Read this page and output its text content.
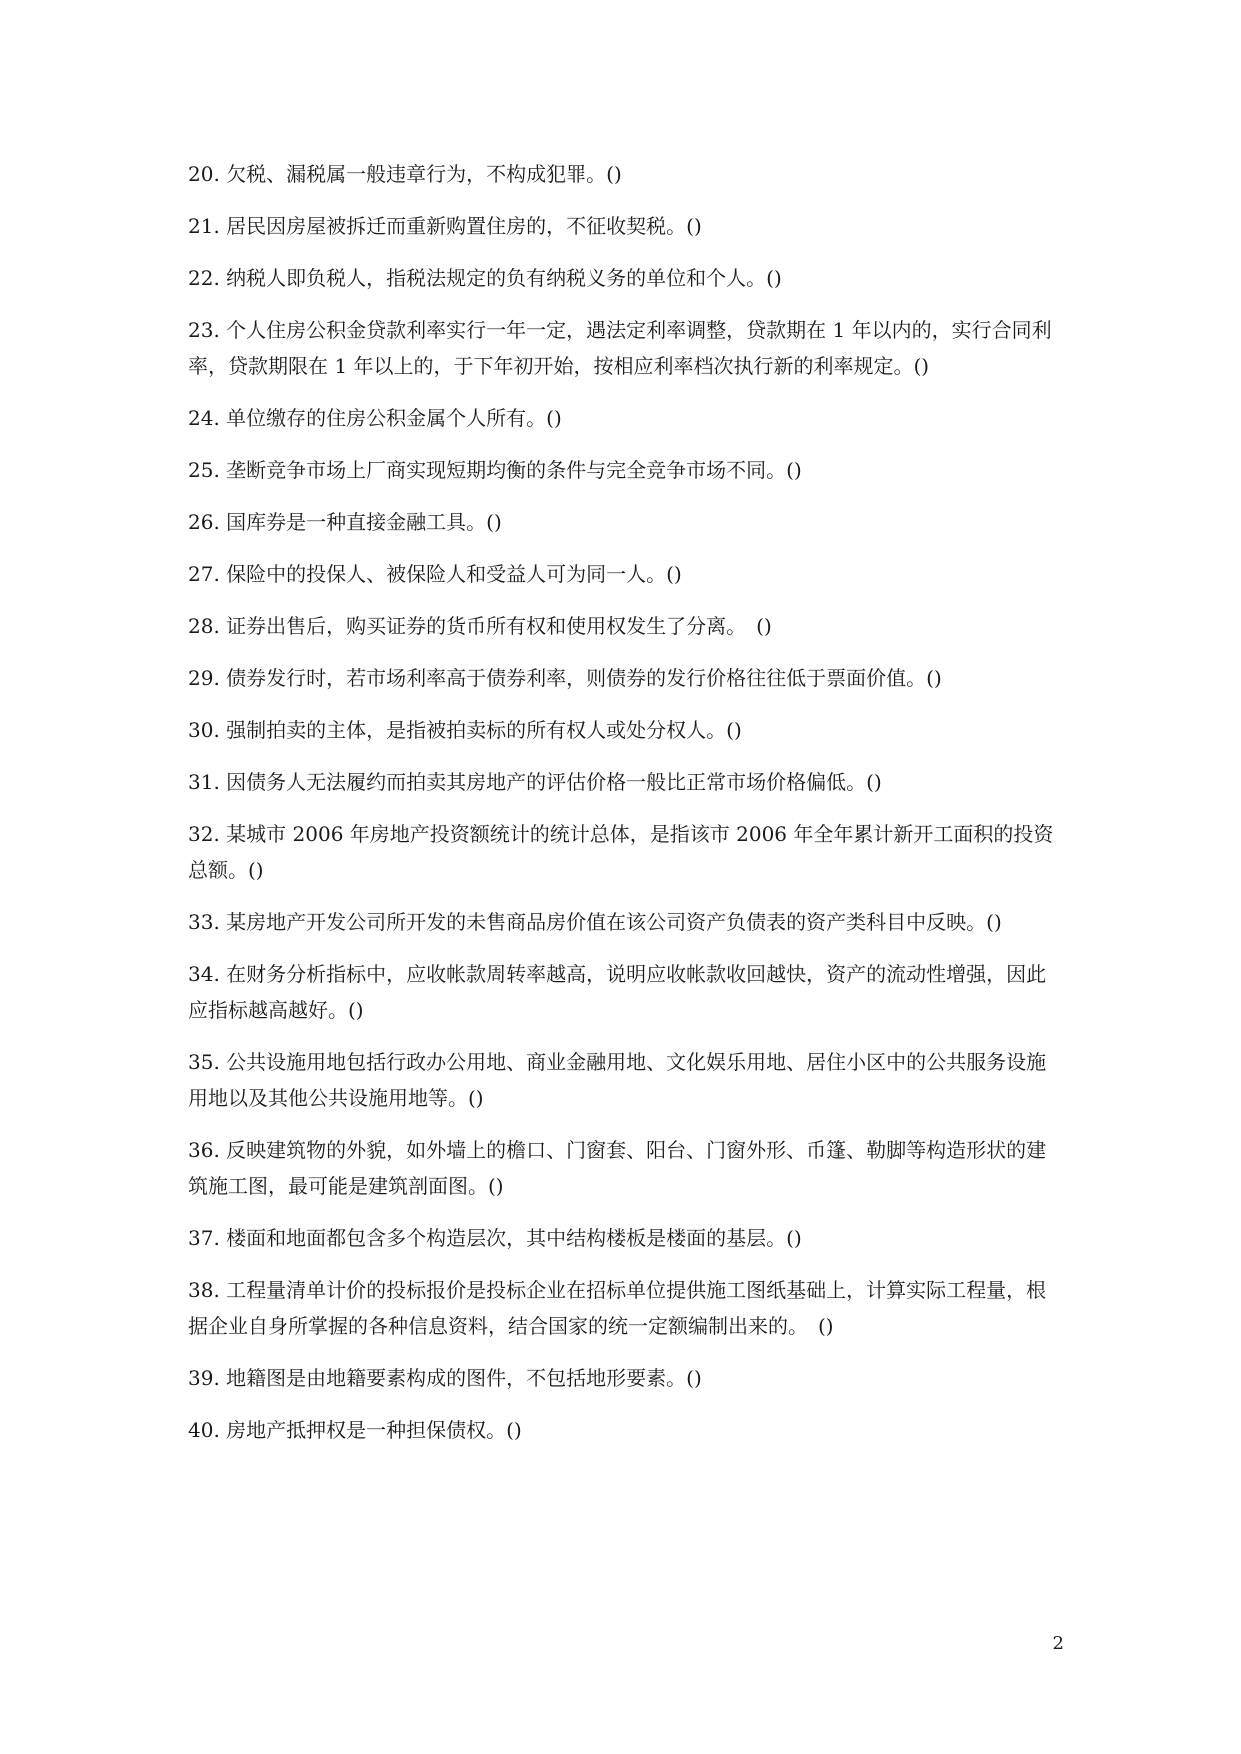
20. 欠税、漏税属一般违章行为，不构成犯罪。()

21. 居民因房屋被拆迁而重新购置住房的，不征收契税。()

22. 纳税人即负税人，指税法规定的负有纳税义务的单位和个人。()

23. 个人住房公积金贷款利率实行一年一定，遇法定利率调整，贷款期在 1 年以内的，实行合同利率，贷款期限在 1 年以上的，于下年初开始，按相应利率档次执行新的利率规定。()

24. 单位缴存的住房公积金属个人所有。()

25. 垄断竞争市场上厂商实现短期均衡的条件与完全竞争市场不同。()

26. 国库券是一种直接金融工具。()

27. 保险中的投保人、被保险人和受益人可为同一人。()

28. 证券出售后，购买证券的货币所有权和使用权发生了分离。　()

29. 债券发行时，若市场利率高于债券利率，则债券的发行价格往往低于票面价值。()

30. 强制拍卖的主体，是指被拍卖标的所有权人或处分权人。()

31. 因债务人无法履约而拍卖其房地产的评估价格一般比正常市场价格偏低。()

32. 某城市 2006 年房地产投资额统计的统计总体，是指该市 2006 年全年累计新开工面积的投资总额。()

33. 某房地产开发公司所开发的未售商品房价值在该公司资产负债表的资产类科目中反映。()

34. 在财务分析指标中，应收帐款周转率越高，说明应收帐款收回越快，资产的流动性增强，因此应指标越高越好。()

35. 公共设施用地包括行政办公用地、商业金融用地、文化娱乐用地、居住小区中的公共服务设施用地以及其他公共设施用地等。()

36. 反映建筑物的外貌，如外墙上的檐口、门窗套、阳台、门窗外形、币篷、勒脚等构造形状的建筑施工图，最可能是建筑剖面图。()

37. 楼面和地面都包含多个构造层次，其中结构楼板是楼面的基层。()

38. 工程量清单计价的投标报价是投标企业在招标单位提供施工图纸基础上，计算实际工程量，根据企业自身所掌握的各种信息资料，结合国家的统一定额编制出来的。　()

39. 地籍图是由地籍要素构成的图件，不包括地形要素。()

40. 房地产抵押权是一种担保债权。()

2
